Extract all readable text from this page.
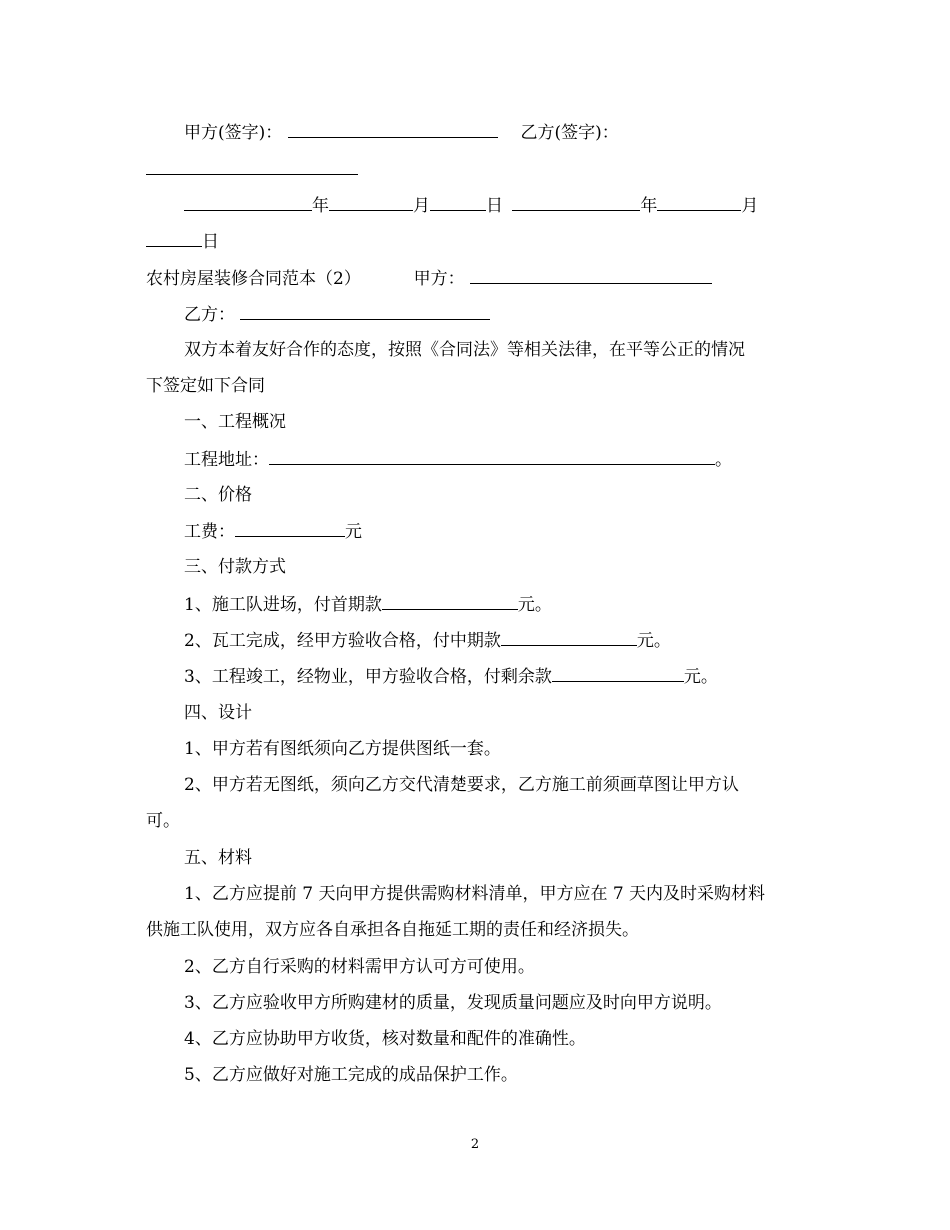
甲方(签字)：	乙方(签字)：
年	月	日	年	月
日
农村房屋装修合同范本（2）	甲方：
乙方：
双方本着友好合作的态度，按照《合同法》等相关法律，在平等公正的情况
下签定如下合同
一、工程概况
工程地址：	。
二、价格
工费：	元
三、付款方式
1、施工队进场，付首期款	元。
2、瓦工完成，经甲方验收合格，付中期款	元。
3、工程竣工，经物业，甲方验收合格，付剩余款	元。
四、设计
1、甲方若有图纸须向乙方提供图纸一套。
2、甲方若无图纸，须向乙方交代清楚要求，乙方施工前须画草图让甲方认
可。
五、材料
1、乙方应提前 7 天向甲方提供需购材料清单，甲方应在 7 天内及时采购材料
供施工队使用，双方应各自承担各自拖延工期的责任和经济损失。
2、乙方自行采购的材料需甲方认可方可使用。
3、乙方应验收甲方所购建材的质量，发现质量问题应及时向甲方说明。
4、乙方应协助甲方收货，核对数量和配件的准确性。
5、乙方应做好对施工完成的成品保护工作。
2
